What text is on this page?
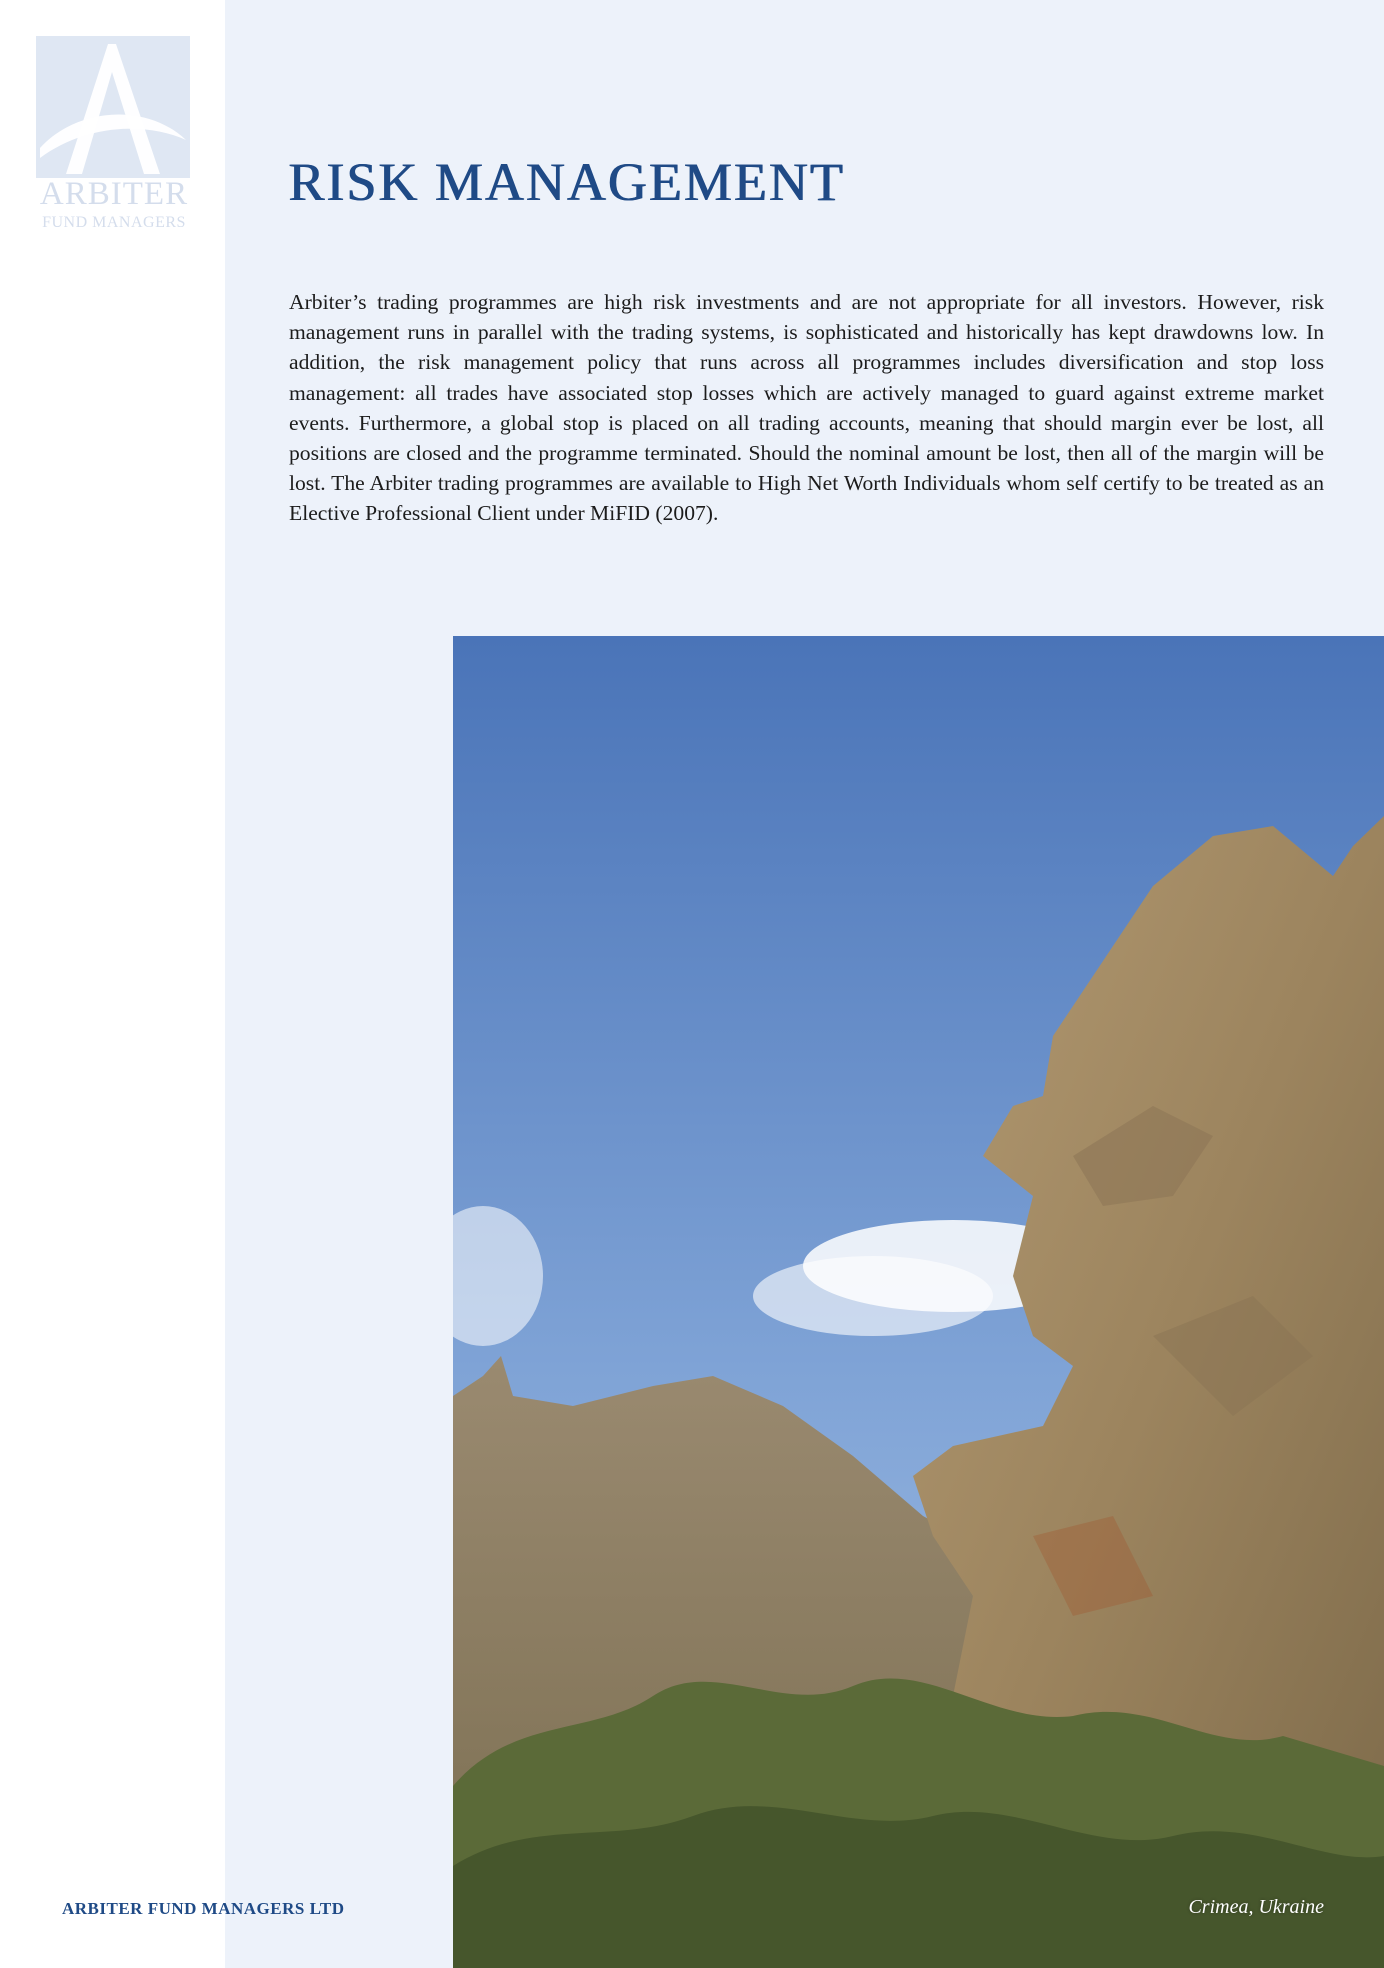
ARBITER
FUND MANAGERS
RISK MANAGEMENT

Arbiter’s trading programmes are high risk investments and are not appropriate for all investors. However, risk management runs in parallel with the trading systems, is sophisticated and historically has kept drawdowns low. In addition, the risk management policy that runs across all programmes includes diversification and stop loss management: all trades have associated stop losses which are actively managed to guard against extreme market events. Furthermore, a global stop is placed on all trading accounts, meaning that should margin ever be lost, all positions are closed and the programme terminated. Should the nominal amount be lost, then all of the margin will be lost. The Arbiter trading programmes are available to High Net Worth Individuals whom self certify to be treated as an Elective Professional Client under MiFID (2007).

ARBITER FUND MANAGERS LTD	Crimea, Ukraine
